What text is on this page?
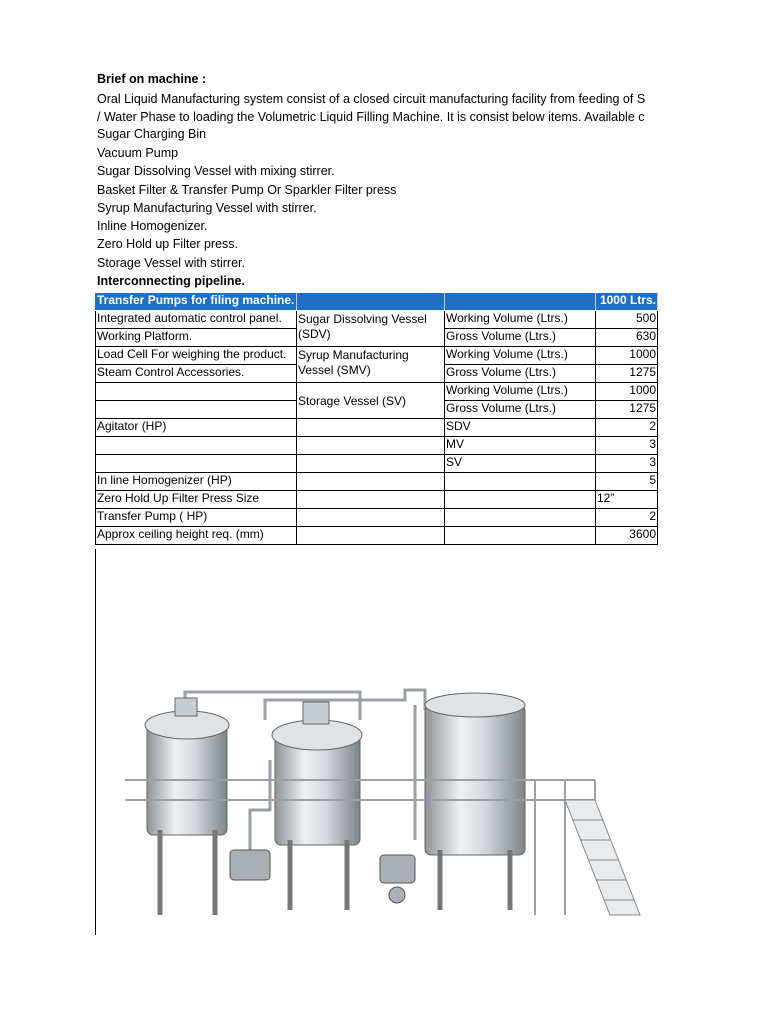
Brief on machine :
Oral Liquid Manufacturing system consist of a closed circuit manufacturing facility from feeding of S
/ Water Phase to loading the Volumetric Liquid Filling Machine. It is consist below items. Available c
Sugar Charging Bin
Vacuum Pump
Sugar Dissolving Vessel with mixing stirrer.
Basket Filter & Transfer Pump Or Sparkler Filter press
Syrup Manufacturing Vessel with stirrer.
Inline Homogenizer.
Zero Hold up Filter press.
Storage Vessel with stirrer.
Interconnecting pipeline.
Transfer Pumps for filing machine.			1000 Ltrs.
Integrated automatic control panel.	Sugar Dissolving Vessel (SDV)	Working Volume (Ltrs.)	500
Working Platform.		Gross Volume (Ltrs.)	630
Load Cell For weighing the product.	Syrup Manufacturing Vessel (SMV)	Working Volume (Ltrs.)	1000
Steam Control Accessories.		Gross Volume (Ltrs.)	1275
	Storage Vessel (SV)	Working Volume (Ltrs.)	1000
		Gross Volume (Ltrs.)	1275
Agitator (HP)		SDV	2
		MV	3
		SV	3
In line Homogenizer (HP)			5
Zero Hold Up Filter Press Size			12”
Transfer Pump ( HP)			2
Approx ceiling height req. (mm)			3600
